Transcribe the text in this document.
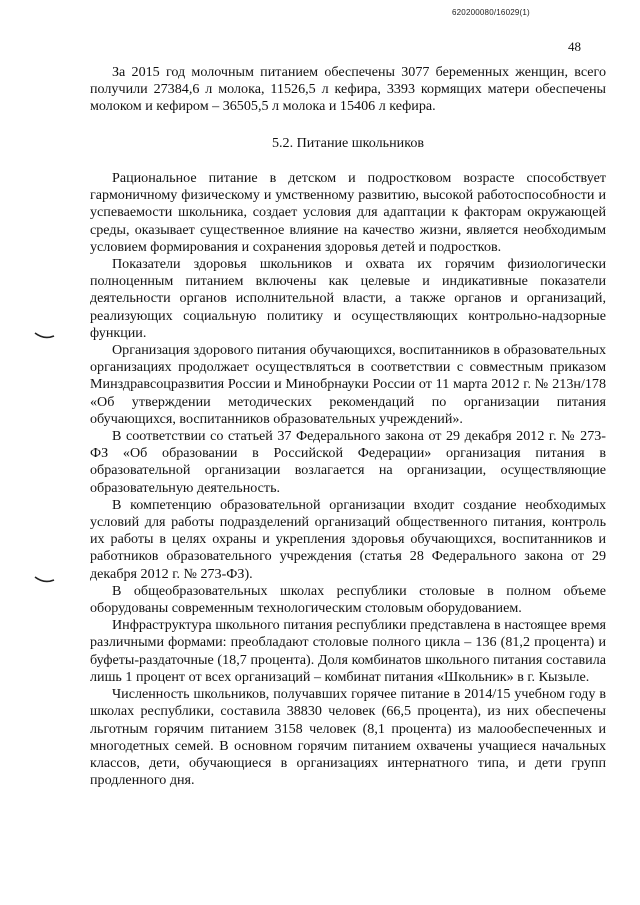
620200080/16029(1)
48

За 2015 год молочным питанием обеспечены 3077 беременных женщин, всего получили 27384,6 л молока, 11526,5 л кефира, 3393 кормящих матери обеспечены молоком и кефиром – 36505,5 л молока и 15406 л кефира.

5.2. Питание школьников

Рациональное питание в детском и подростковом возрасте способствует гармоничному физическому и умственному развитию, высокой работоспособности и успеваемости школьника, создает условия для адаптации к факторам окружающей среды, оказывает существенное влияние на качество жизни, является необходимым условием формирования и сохранения здоровья детей и подростков.

Показатели здоровья школьников и охвата их горячим физиологически полноценным питанием включены как целевые и индикативные показатели деятельности органов исполнительной власти, а также органов и организаций, реализующих социальную политику и осуществляющих контрольно-надзорные функции.

Организация здорового питания обучающихся, воспитанников в образовательных организациях продолжает осуществляться в соответствии с совместным приказом Минздравсоцразвития России и Минобрнауки России от 11 марта 2012 г. № 213н/178 «Об утверждении методических рекомендаций по организации питания обучающихся, воспитанников образовательных учреждений».

В соответствии со статьей 37 Федерального закона от 29 декабря 2012 г. № 273-ФЗ «Об образовании в Российской Федерации» организация питания в образовательной организации возлагается на организации, осуществляющие образовательную деятельность.

В компетенцию образовательной организации входит создание необходимых условий для работы подразделений организаций общественного питания, контроль их работы в целях охраны и укрепления здоровья обучающихся, воспитанников и работников образовательного учреждения (статья 28 Федерального закона от 29 декабря 2012 г. № 273-ФЗ).

В общеобразовательных школах республики столовые в полном объеме оборудованы современным технологическим столовым оборудованием.

Инфраструктура школьного питания республики представлена в настоящее время различными формами: преобладают столовые полного цикла – 136 (81,2 процента) и буфеты-раздаточные (18,7 процента). Доля комбинатов школьного питания составила лишь 1 процент от всех организаций – комбинат питания «Школьник» в г. Кызыле.

Численность школьников, получавших горячее питание в 2014/15 учебном году в школах республики, составила 38830 человек (66,5 процента), из них обеспечены льготным горячим питанием 3158 человек (8,1 процента) из малообеспеченных и многодетных семей. В основном горячим питанием охвачены учащиеся начальных классов, дети, обучающиеся в организациях интернатного типа, и дети групп продленного дня.
